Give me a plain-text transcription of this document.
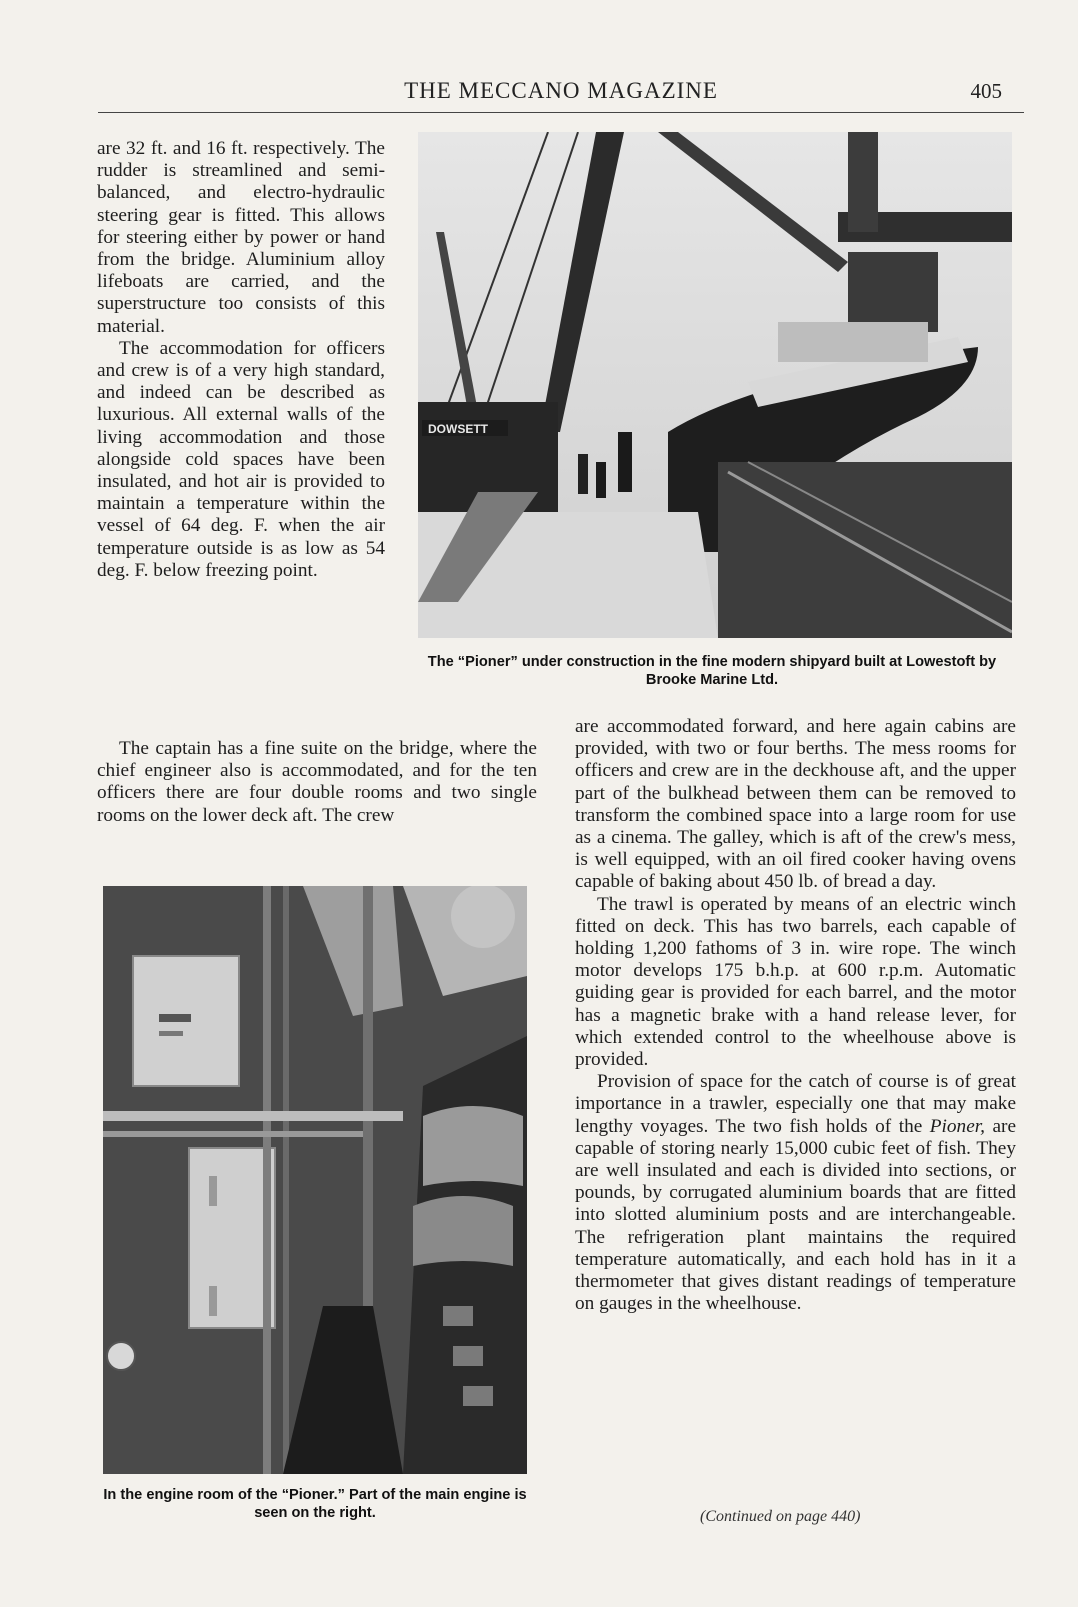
THE MECCANO MAGAZINE	405

are 32 ft. and 16 ft. respectively. The rudder is streamlined and semi-balanced, and electro-hydraulic steering gear is fitted. This allows for steering either by power or hand from the bridge. Aluminium alloy lifeboats are carried, and the superstructure too consists of this material.

The accommodation for officers and crew is of a very high standard, and indeed can be described as luxurious. All external walls of the living accommodation and those alongside cold spaces have been insulated, and hot air is provided to maintain a temperature within the vessel of 64 deg. F. when the air temperature outside is as low as 54 deg. F. below freezing point.

The captain has a fine suite on the bridge, where the chief engineer also is accommodated, and for the ten officers there are four double rooms and two single rooms on the lower deck aft. The crew

DOWSETT
The “Pioner” under construction in the fine modern shipyard built at Lowestoft by Brooke Marine Ltd.

are accommodated forward, and here again cabins are provided, with two or four berths. The mess rooms for officers and crew are in the deckhouse aft, and the upper part of the bulkhead between them can be removed to transform the combined space into a large room for use as a cinema. The galley, which is aft of the crew's mess, is well equipped, with an oil fired cooker having ovens capable of baking about 450 lb. of bread a day.

The trawl is operated by means of an electric winch fitted on deck. This has two barrels, each capable of holding 1,200 fathoms of 3 in. wire rope. The winch motor develops 175 b.h.p. at 600 r.p.m. Automatic guiding gear is provided for each barrel, and the motor has a magnetic brake with a hand release lever, for which extended control to the wheelhouse above is provided.

Provision of space for the catch of course is of great importance in a trawler, especially one that may make lengthy voyages. The two fish holds of the Pioner, are capable of storing nearly 15,000 cubic feet of fish. They are well insulated and each is divided into sections, or pounds, by corrugated aluminium boards that are fitted into slotted aluminium posts and are interchangeable. The refrigeration plant maintains the required temperature automatically, and each hold has in it a thermometer that gives distant readings of temperature on gauges in the wheelhouse.

(Continued on page 440)
In the engine room of the “Pioner.” Part of the main engine is seen on the right.
